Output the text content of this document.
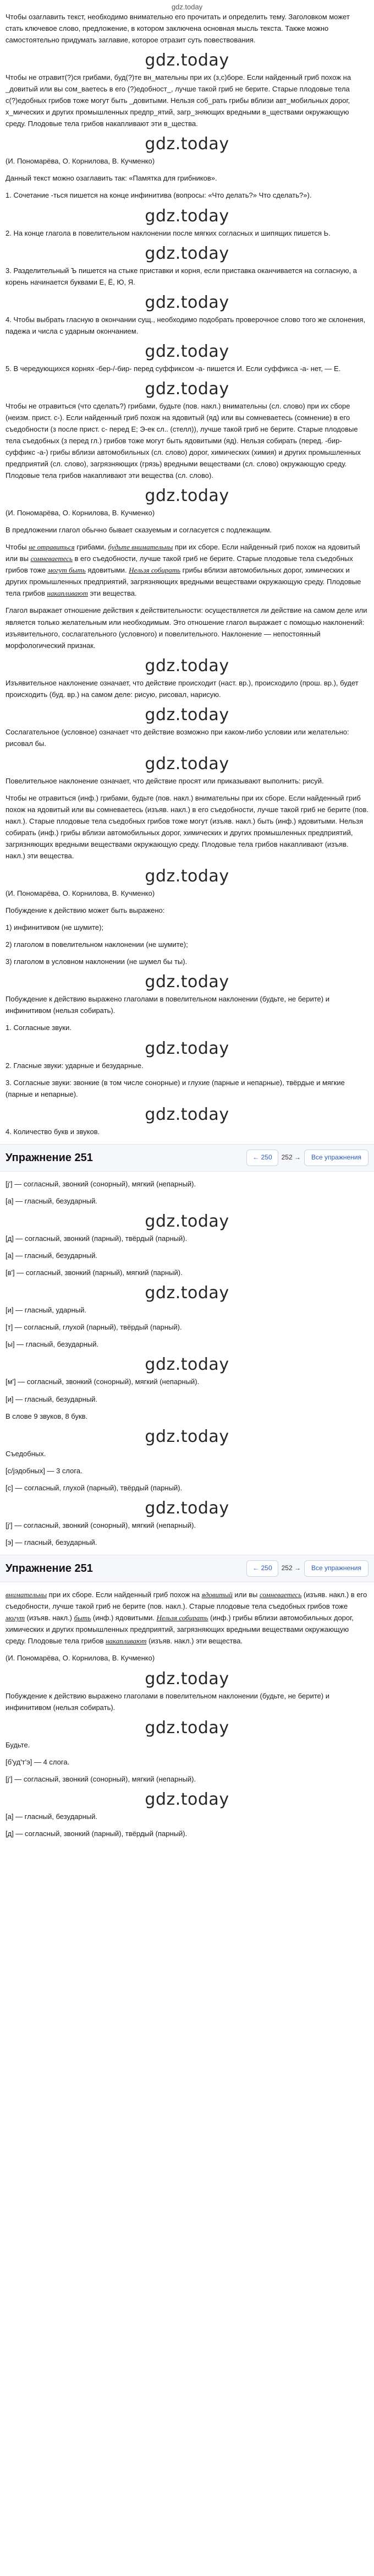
gdz.today

Чтобы озаглавить текст, необходимо внимательно его прочитать и определить тему. Заголовком может стать ключевое слово, предложение, в котором заключена основная мысль текста. Также можно самостоятельно придумать заглавие, которое отразит суть повествования.

gdz.today

Чтобы не отравит(?)ся грибами, буд(?)те вн_мательны при их (з,с)боре. Если найденный гриб похож на _довитый или вы сом_ваетесь в его (?)едобност_, лучше такой гриб не берите. Старые плодовые тела с(?)едобных грибов тоже могут быть _довитыми. Нельзя соб_рать грибы вблизи авт_мобильных дорог, х_мических и других промышленных предпр_ятий, загр_зняющих вредными в_ществами окружающую среду. Плодовые тела грибов накапливают эти в_щества.

gdz.today

(И. Пономарёва, О. Корнилова, В. Кучменко)

Данный текст можно озаглавить так: «Памятка для грибников».

1. Сочетание -ться пишется на конце инфинитива (вопросы: «Что делать?» Что сделать?»).

gdz.today

2. На конце глагола в повелительном наклонении после мягких согласных и шипящих пишется Ь.

gdz.today

3. Разделительный Ъ пишется на стыке приставки и корня, если приставка оканчивается на согласную, а корень начинается буквами Е, Ё, Ю, Я.

gdz.today

4. Чтобы выбрать гласную в окончании сущ., необходимо подобрать проверочное слово того же склонения, падежа и числа с ударным окончанием.

gdz.today

5. В чередующихся корнях -бер-/-бир- перед суффиксом -а- пишется И. Если суффикса -а- нет, — Е.

gdz.today

Чтобы не отравиться (что сделать?) грибами, будьте (пов. накл.) внимательны (сл. слово) при их сборе (неизм. прист. с-). Если найденный гриб похож на ядовитый (яд) или вы сомневаетесь (сомнение) в его съедобности (з после прист. с- перед Е; Э-ек сл.. (стелл)), лучше такой гриб не берите. Старые плодовые тела съедобных (з перед гл.) грибов тоже могут быть ядовитыми (яд). Нельзя собирать (перед. -бир- суффикс -а-) грибы вблизи автомобильных (сл. слово) дорог, химических (химия) и других промышленных предприятий (сл. слово), загрязняющих (грязь) вредными веществами (сл. слово) окружающую среду. Плодовые тела грибов накапливают эти вещества (сл. слово).

gdz.today

(И. Пономарёва, О. Корнилова, В. Кучменко)

В предложении глагол обычно бывает сказуемым и согласуется с подлежащим.

Чтобы не отравиться грибами, будьте внимательны при их сборе. Если найденный гриб похож на ядовитый или вы сомневаетесь в его съедобности, лучше такой гриб не берите. Старые плодовые тела съедобных грибов тоже могут быть ядовитыми. Нельзя собирать грибы вблизи автомобильных дорог, химических и других промышленных предприятий, загрязняющих вредными веществами окружающую среду. Плодовые тела грибов накапливают эти вещества.

Глагол выражает отношение действия к действительности: осуществляется ли действие на самом деле или является только желательным или необходимым. Это отношение глагол выражает с помощью наклонений: изъявительного, сослагательного (условного) и повелительного. Наклонение — непостоянный морфологический признак.

gdz.today

Изъявительное наклонение означает, что действие происходит (наст. вр.), происходило (прош. вр.), будет происходить (буд. вр.) на самом деле: рисую, рисовал, нарисую.

gdz.today

Сослагательное (условное) означает что действие возможно при каком-либо условии или желательно: рисовал бы.

gdz.today

Повелительное наклонение означает, что действие просят или приказывают выполнить: рисуй.

Чтобы не отравиться (инф.) грибами, будьте (пов. накл.) внимательны при их сборе. Если найденный гриб похож на ядовитый или вы сомневаетесь (изъяв. накл.) в его съедобности, лучше такой гриб не берите (пов. накл.). Старые плодовые тела съедобных грибов тоже могут (изъяв. накл.) быть (инф.) ядовитыми. Нельзя собирать (инф.) грибы вблизи автомобильных дорог, химических и других промышленных предприятий, загрязняющих вредными веществами окружающую среду. Плодовые тела грибов накапливают (изъяв. накл.) эти вещества.

gdz.today

(И. Пономарёва, О. Корнилова, В. Кучменко)

Побуждение к действию может быть выражено:

1) инфинитивом (не шумите);

2) глаголом в повелительном наклонении (не шумите);

3) глаголом в условном наклонении (не шумел бы ты).

gdz.today

Побуждение к действию выражено глаголами в повелительном наклонении (будьте, не берите) и инфинитивом (нельзя собирать).

1. Согласные звуки.

gdz.today

2. Гласные звуки: ударные и безударные.

3. Согласные звуки: звонкие (в том числе сонорные) и глухие (парные и непарные), твёрдые и мягкие (парные и непарные).

gdz.today

4. Количество букв и звуков.

Упражнение 251	← 250	252 →	Все упражнения

[j'] — согласный, звонкий (сонорный), мягкий (непарный).

[а] — гласный, безударный.

gdz.today

[д] — согласный, звонкий (парный), твёрдый (парный).

[а] — гласный, безударный.

[в'] — согласный, звонкий (парный), мягкий (парный).

gdz.today

[и] — гласный, ударный.

[т] — согласный, глухой (парный), твёрдый (парный).

[ы] — гласный, безударный.

gdz.today

[м'] — согласный, звонкий (сонорный), мягкий (непарный).

[и] — гласный, безударный.

В слове 9 звуков, 8 букв.

gdz.today

Съедобных.

[с/jэдобных] — 3 слога.

[с] — согласный, глухой (парный), твёрдый (парный).

gdz.today

[j'] — согласный, звонкий (сонорный), мягкий (непарный).

[э] — гласный, безударный.

Упражнение 251	← 250	252 →	Все упражнения

внимательны при их сборе. Если найденный гриб похож на ядовитый или вы сомневаетесь (изъяв. накл.) в его съедобности, лучше такой гриб не берите (пов. накл.). Старые плодовые тела съедобных грибов тоже могут (изъяв. накл.) быть (инф.) ядовитыми. Нельзя собирать (инф.) грибы вблизи автомобильных дорог, химических и других промышленных предприятий, загрязняющих вредными веществами окружающую среду. Плодовые тела грибов накапливают (изъяв. накл.) эти вещества.

(И. Пономарёва, О. Корнилова, В. Кучменко)

gdz.today

Побуждение к действию выражено глаголами в повелительном наклонении (будьте, не берите) и инфинитивом (нельзя собирать).

gdz.today

Будьте.

[б'уд'т'э] — 4 слога.

[j'] — согласный, звонкий (сонорный), мягкий (непарный).

gdz.today

[а] — гласный, безударный.

[д] — согласный, звонкий (парный), твёрдый (парный).
